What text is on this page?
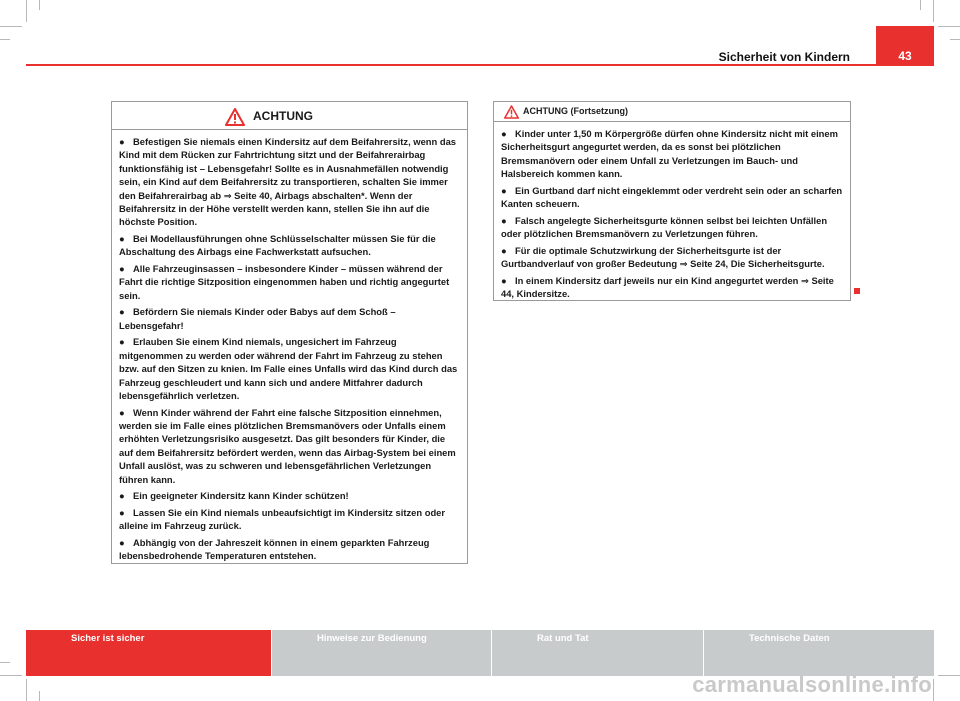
Sicherheit von Kindern	43
ACHTUNG

● Befestigen Sie niemals einen Kindersitz auf dem Beifahrersitz, wenn das Kind mit dem Rücken zur Fahrtrichtung sitzt und der Beifahrerairbag funktionsfähig ist – Lebensgefahr! Sollte es in Ausnahmefällen notwendig sein, ein Kind auf dem Beifahrersitz zu transportieren, schalten Sie immer den Beifahrerairbag ab ⇒ Seite 40, Airbags abschalten*. Wenn der Beifahrersitz in der Höhe verstellt werden kann, stellen Sie ihn auf die höchste Position.

● Bei Modellausführungen ohne Schlüsselschalter müssen Sie für die Abschaltung des Airbags eine Fachwerkstatt aufsuchen.

● Alle Fahrzeuginsassen – insbesondere Kinder – müssen während der Fahrt die richtige Sitzposition eingenommen haben und richtig angegurtet sein.

● Befördern Sie niemals Kinder oder Babys auf dem Schoß – Lebensgefahr!

● Erlauben Sie einem Kind niemals, ungesichert im Fahrzeug mitgenommen zu werden oder während der Fahrt im Fahrzeug zu stehen bzw. auf den Sitzen zu knien. Im Falle eines Unfalls wird das Kind durch das Fahrzeug geschleudert und kann sich und andere Mitfahrer dadurch lebensgefährlich verletzen.

● Wenn Kinder während der Fahrt eine falsche Sitzposition einnehmen, werden sie im Falle eines plötzlichen Bremsmanövers oder Unfalls einem erhöhten Verletzungsrisiko ausgesetzt. Das gilt besonders für Kinder, die auf dem Beifahrersitz befördert werden, wenn das Airbag-System bei einem Unfall auslöst, was zu schweren und lebensgefährlichen Verletzungen führen kann.

● Ein geeigneter Kindersitz kann Kinder schützen!

● Lassen Sie ein Kind niemals unbeaufsichtigt im Kindersitz sitzen oder alleine im Fahrzeug zurück.

● Abhängig von der Jahreszeit können in einem geparkten Fahrzeug lebensbedrohende Temperaturen entstehen.

ACHTUNG (Fortsetzung)

● Kinder unter 1,50 m Körpergröße dürfen ohne Kindersitz nicht mit einem Sicherheitsgurt angegurtet werden, da es sonst bei plötzlichen Bremsmanövern oder einem Unfall zu Verletzungen im Bauch- und Halsbereich kommen kann.

● Ein Gurtband darf nicht eingeklemmt oder verdreht sein oder an scharfen Kanten scheuern.

● Falsch angelegte Sicherheitsgurte können selbst bei leichten Unfällen oder plötzlichen Bremsmanövern zu Verletzungen führen.

● Für die optimale Schutzwirkung der Sicherheitsgurte ist der Gurtbandverlauf von großer Bedeutung ⇒ Seite 24, Die Sicherheitsgurte.

● In einem Kindersitz darf jeweils nur ein Kind angegurtet werden ⇒ Seite 44, Kindersitze.

Sicher ist sicher	Hinweise zur Bedienung	Rat und Tat	Technische Daten
carmanualsonline.info
